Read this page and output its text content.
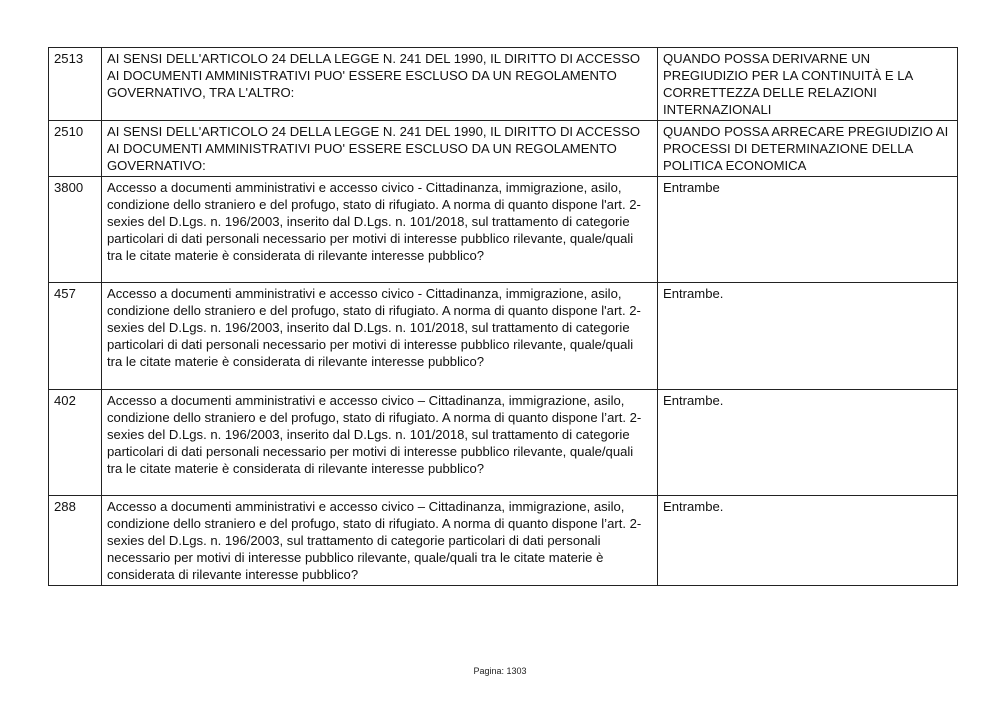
2513	AI SENSI DELL'ARTICOLO 24 DELLA LEGGE N. 241 DEL 1990, IL DIRITTO DI ACCESSO AI DOCUMENTI AMMINISTRATIVI PUO' ESSERE ESCLUSO DA UN REGOLAMENTO GOVERNATIVO, TRA L'ALTRO:	QUANDO POSSA DERIVARNE UN PREGIUDIZIO PER LA CONTINUITÀ E LA CORRETTEZZA DELLE RELAZIONI INTERNAZIONALI
2510	AI SENSI DELL'ARTICOLO 24 DELLA LEGGE N. 241 DEL 1990, IL DIRITTO DI ACCESSO AI DOCUMENTI AMMINISTRATIVI PUO' ESSERE ESCLUSO DA UN REGOLAMENTO GOVERNATIVO:	QUANDO POSSA ARRECARE PREGIUDIZIO AI PROCESSI DI DETERMINAZIONE DELLA POLITICA ECONOMICA
3800	Accesso a documenti amministrativi e accesso civico - Cittadinanza, immigrazione, asilo, condizione dello straniero e del profugo, stato di rifugiato. A norma di quanto dispone l'art. 2- sexies del D.Lgs. n. 196/2003, inserito dal D.Lgs. n. 101/2018, sul trattamento di categorie particolari di dati personali necessario per motivi di interesse pubblico rilevante, quale/quali tra le citate materie è considerata di rilevante interesse pubblico?	Entrambe
457	Accesso a documenti amministrativi e accesso civico - Cittadinanza, immigrazione, asilo, condizione dello straniero e del profugo, stato di rifugiato. A norma di quanto dispone l'art. 2-sexies del D.Lgs. n. 196/2003, inserito dal D.Lgs. n. 101/2018, sul trattamento di categorie particolari di dati personali necessario per motivi di interesse pubblico rilevante, quale/quali tra le citate materie è considerata di rilevante interesse pubblico?	Entrambe.
402	Accesso a documenti amministrativi e accesso civico – Cittadinanza, immigrazione, asilo, condizione dello straniero e del profugo, stato di rifugiato. A norma di quanto dispone l’art. 2-sexies del D.Lgs. n. 196/2003, inserito dal D.Lgs. n. 101/2018, sul trattamento di categorie particolari di dati personali necessario per motivi di interesse pubblico rilevante, quale/quali tra le citate materie è considerata di rilevante interesse pubblico?	Entrambe.
288	Accesso a documenti amministrativi e accesso civico – Cittadinanza, immigrazione, asilo, condizione dello straniero e del profugo, stato di rifugiato. A norma di quanto dispone l’art. 2-sexies del D.Lgs. n. 196/2003, sul trattamento di categorie particolari di dati personali necessario per motivi di interesse pubblico rilevante, quale/quali tra le citate materie è considerata di rilevante interesse pubblico?	Entrambe.
Pagina: 1303
